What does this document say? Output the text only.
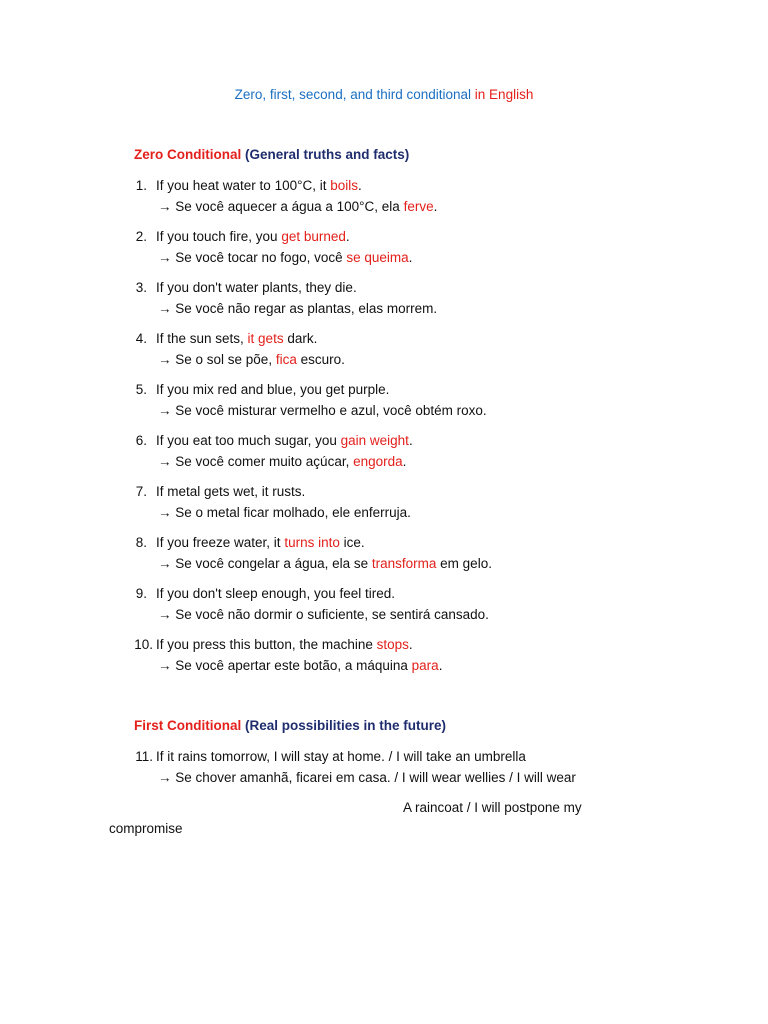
Zero, first, second, and third conditional in English
Zero Conditional (General truths and facts)
1. If you heat water to 100°C, it boils.
→ Se você aquecer a água a 100°C, ela ferve.
2. If you touch fire, you get burned.
→ Se você tocar no fogo, você se queima.
3. If you don't water plants, they die.
→ Se você não regar as plantas, elas morrem.
4. If the sun sets, it gets dark.
→ Se o sol se põe, fica escuro.
5. If you mix red and blue, you get purple.
→ Se você misturar vermelho e azul, você obtém roxo.
6. If you eat too much sugar, you gain weight.
→ Se você comer muito açúcar, engorda.
7. If metal gets wet, it rusts.
→ Se o metal ficar molhado, ele enferruja.
8. If you freeze water, it turns into ice.
→ Se você congelar a água, ela se transforma em gelo.
9. If you don't sleep enough, you feel tired.
→ Se você não dormir o suficiente, se sentirá cansado.
10. If you press this button, the machine stops.
→ Se você apertar este botão, a máquina para.
First Conditional (Real possibilities in the future)
11. If it rains tomorrow, I will stay at home. / I will take an umbrella
→ Se chover amanhã, ficarei em casa. / I will wear wellies / I will wear
A raincoat / I will postpone my
compromise
